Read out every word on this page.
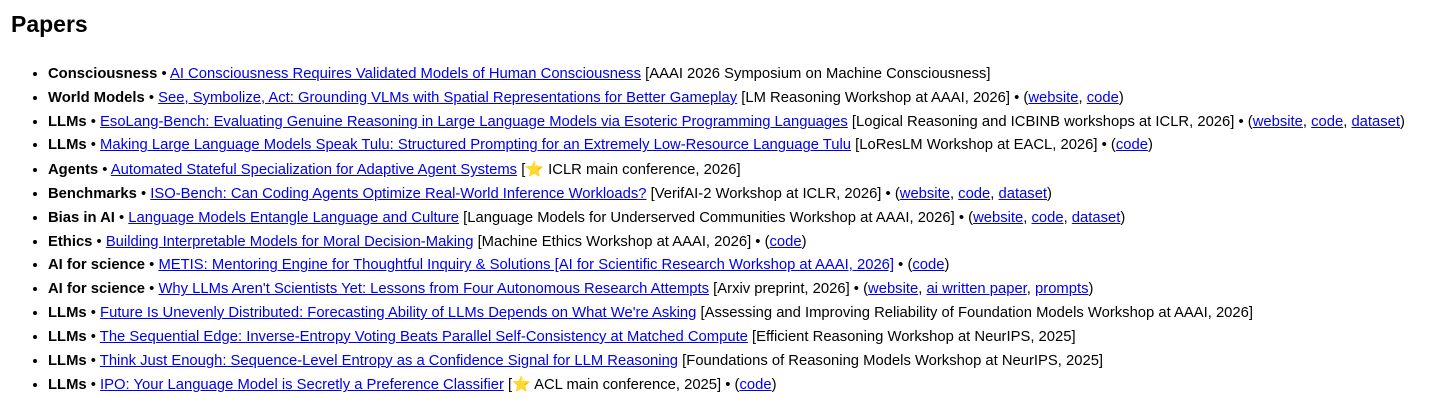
Papers
• Consciousness • AI Consciousness Requires Validated Models of Human Consciousness [AAAI 2026 Symposium on Machine Consciousness]
• World Models • See, Symbolize, Act: Grounding VLMs with Spatial Representations for Better Gameplay [LM Reasoning Workshop at AAAI, 2026] • (website, code)
• LLMs • EsoLang-Bench: Evaluating Genuine Reasoning in Large Language Models via Esoteric Programming Languages [Logical Reasoning and ICBINB workshops at ICLR, 2026] • (website, code, dataset)
• LLMs • Making Large Language Models Speak Tulu: Structured Prompting for an Extremely Low-Resource Language Tulu [LoResLM Workshop at EACL, 2026] • (code)
• Agents • Automated Stateful Specialization for Adaptive Agent Systems [⭐ ICLR main conference, 2026]
• Benchmarks • ISO-Bench: Can Coding Agents Optimize Real-World Inference Workloads? [VerifAI-2 Workshop at ICLR, 2026] • (website, code, dataset)
• Bias in AI • Language Models Entangle Language and Culture [Language Models for Underserved Communities Workshop at AAAI, 2026] • (website, code, dataset)
• Ethics • Building Interpretable Models for Moral Decision-Making [Machine Ethics Workshop at AAAI, 2026] • (code)
• AI for science • METIS: Mentoring Engine for Thoughtful Inquiry & Solutions [AI for Scientific Research Workshop at AAAI, 2026] • (code)
• AI for science • Why LLMs Aren't Scientists Yet: Lessons from Four Autonomous Research Attempts [Arxiv preprint, 2026] • (website, ai written paper, prompts)
• LLMs • Future Is Unevenly Distributed: Forecasting Ability of LLMs Depends on What We're Asking [Assessing and Improving Reliability of Foundation Models Workshop at AAAI, 2026]
• LLMs • The Sequential Edge: Inverse-Entropy Voting Beats Parallel Self-Consistency at Matched Compute [Efficient Reasoning Workshop at NeurIPS, 2025]
• LLMs • Think Just Enough: Sequence-Level Entropy as a Confidence Signal for LLM Reasoning [Foundations of Reasoning Models Workshop at NeurIPS, 2025]
• LLMs • IPO: Your Language Model is Secretly a Preference Classifier [⭐ ACL main conference, 2025] • (code)
